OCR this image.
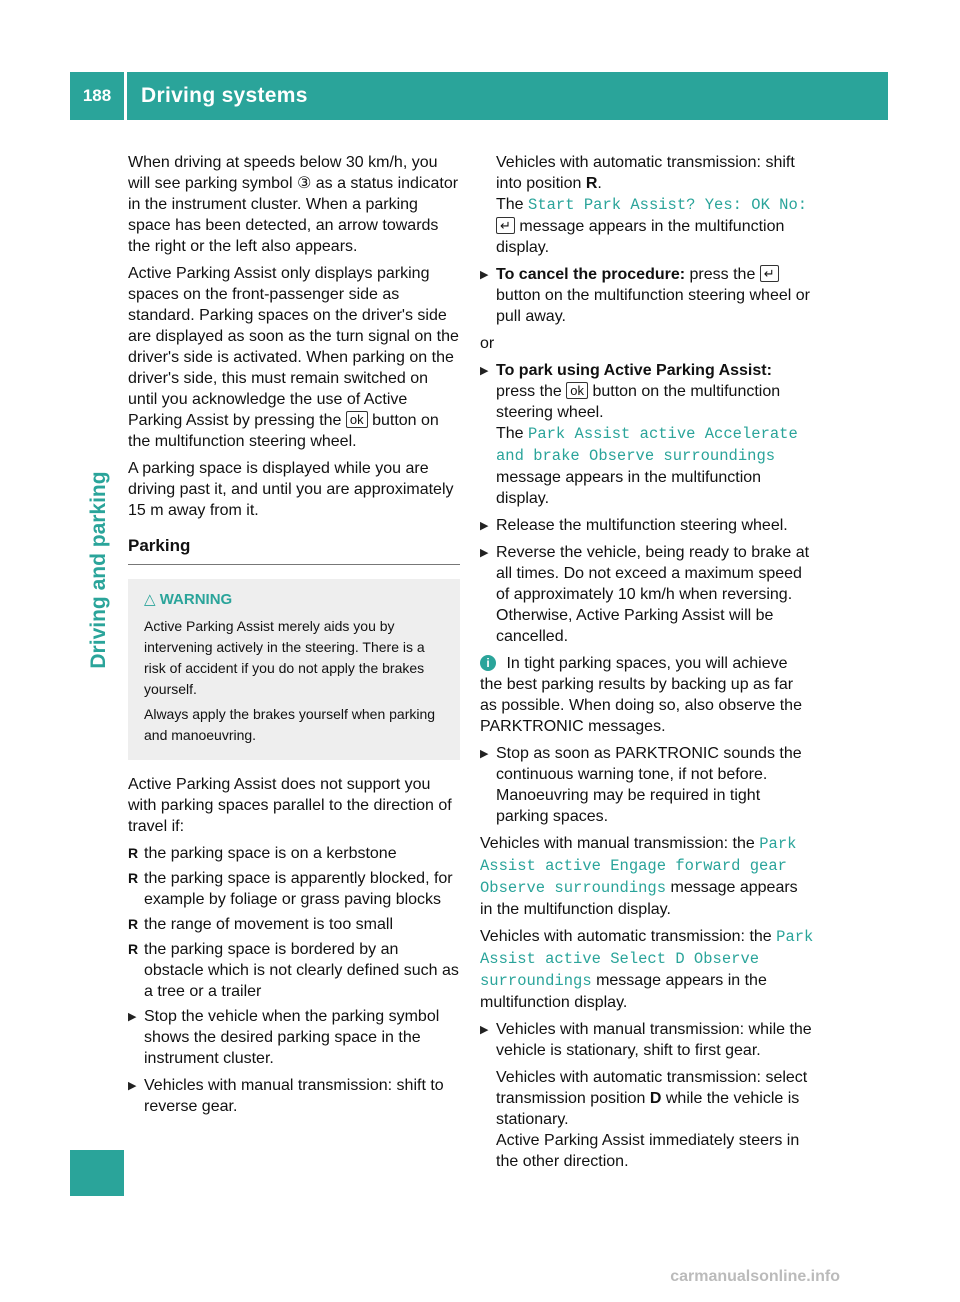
188	Driving systems
Driving and parking

When driving at speeds below 30 km/h, you will see parking symbol ③ as a status indicator in the instrument cluster. When a parking space has been detected, an arrow towards the right or the left also appears.

Active Parking Assist only displays parking spaces on the front-passenger side as standard. Parking spaces on the driver's side are displayed as soon as the turn signal on the driver's side is activated. When parking on the driver's side, this must remain switched on until you acknowledge the use of Active Parking Assist by pressing the ok button on the multifunction steering wheel.

A parking space is displayed while you are driving past it, and until you are approximately 15 m away from it.

Parking
△ WARNING

Active Parking Assist merely aids you by intervening actively in the steering. There is a risk of accident if you do not apply the brakes yourself.

Always apply the brakes yourself when parking and manoeuvring.

Active Parking Assist does not support you with parking spaces parallel to the direction of travel if:

R the parking space is on a kerbstone
R the parking space is apparently blocked, for example by foliage or grass paving blocks
R the range of movement is too small
R the parking space is bordered by an obstacle which is not clearly defined such as a tree or a trailer
▶ Stop the vehicle when the parking symbol shows the desired parking space in the instrument cluster.
▶ Vehicles with manual transmission: shift to reverse gear.

Vehicles with automatic transmission: shift into position R.
The Start Park Assist? Yes: OK No: ↵ message appears in the multifunction display.

▶ To cancel the procedure: press the ↵ button on the multifunction steering wheel or pull away.

or

▶ To park using Active Parking Assist:
press the ok button on the multifunction steering wheel.
The Park Assist active Accelerate and brake Observe surroundings message appears in the multifunction display.
▶ Release the multifunction steering wheel.
▶ Reverse the vehicle, being ready to brake at all times. Do not exceed a maximum speed of approximately 10 km/h when reversing. Otherwise, Active Parking Assist will be cancelled.

i In tight parking spaces, you will achieve the best parking results by backing up as far as possible. When doing so, also observe the PARKTRONIC messages.

▶ Stop as soon as PARKTRONIC sounds the continuous warning tone, if not before. Manoeuvring may be required in tight parking spaces.

Vehicles with manual transmission: the Park Assist active Engage forward gear Observe surroundings message appears in the multifunction display.

Vehicles with automatic transmission: the Park Assist active Select D Observe surroundings message appears in the multifunction display.

▶ Vehicles with manual transmission: while the vehicle is stationary, shift to first gear.

Vehicles with automatic transmission: select transmission position D while the vehicle is stationary.
Active Parking Assist immediately steers in the other direction.

carmanualsonline.info
